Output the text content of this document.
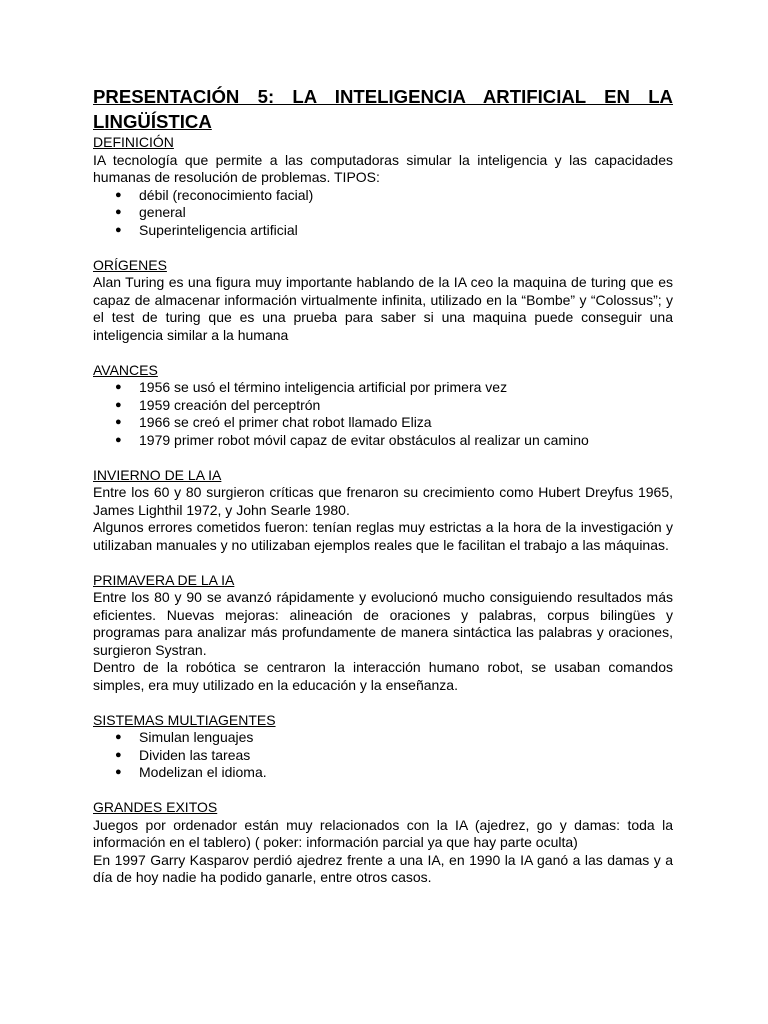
PRESENTACIÓN 5: LA INTELIGENCIA ARTIFICIAL EN LA
LINGÜÍSTICA

DEFINICIÓN

IA tecnología que permite a las computadoras simular la inteligencia y las capacidades humanas de resolución de problemas. TIPOS:

● débil (reconocimiento facial)
● general
● Superinteligencia artificial

ORÍGENES

Alan Turing es una figura muy importante hablando de la IA ceo la maquina de turing que es capaz de almacenar información virtualmente infinita, utilizado en la “Bombe” y “Colossus”; y el test de turing que es una prueba para saber si una maquina puede conseguir una inteligencia similar a la humana

AVANCES

● 1956 se usó el término inteligencia artificial por primera vez
● 1959 creación del perceptrón
● 1966 se creó el primer chat robot llamado Eliza
● 1979 primer robot móvil capaz de evitar obstáculos al realizar un camino

INVIERNO DE LA IA

Entre los 60 y 80 surgieron críticas que frenaron su crecimiento como Hubert Dreyfus 1965, James Lighthil 1972, y John Searle 1980.

Algunos errores cometidos fueron: tenían reglas muy estrictas a la hora de la investigación y utilizaban manuales y no utilizaban ejemplos reales que le facilitan el trabajo a las máquinas.

PRIMAVERA DE LA IA

Entre los 80 y 90 se avanzó rápidamente y evolucionó mucho consiguiendo resultados más eficientes. Nuevas mejoras: alineación de oraciones y palabras, corpus bilingües y programas para analizar más profundamente de manera sintáctica las palabras y oraciones, surgieron Systran.

Dentro de la robótica se centraron la interacción humano robot, se usaban comandos simples, era muy utilizado en la educación y la enseñanza.

SISTEMAS MULTIAGENTES

● Simulan lenguajes
● Dividen las tareas
● Modelizan el idioma.

GRANDES EXITOS

Juegos por ordenador están muy relacionados con la IA (ajedrez, go y damas: toda la información en el tablero) ( poker: información parcial ya que hay parte oculta)

En 1997 Garry Kasparov perdió ajedrez frente a una IA, en 1990 la IA ganó a las damas y a día de hoy nadie ha podido ganarle, entre otros casos.
